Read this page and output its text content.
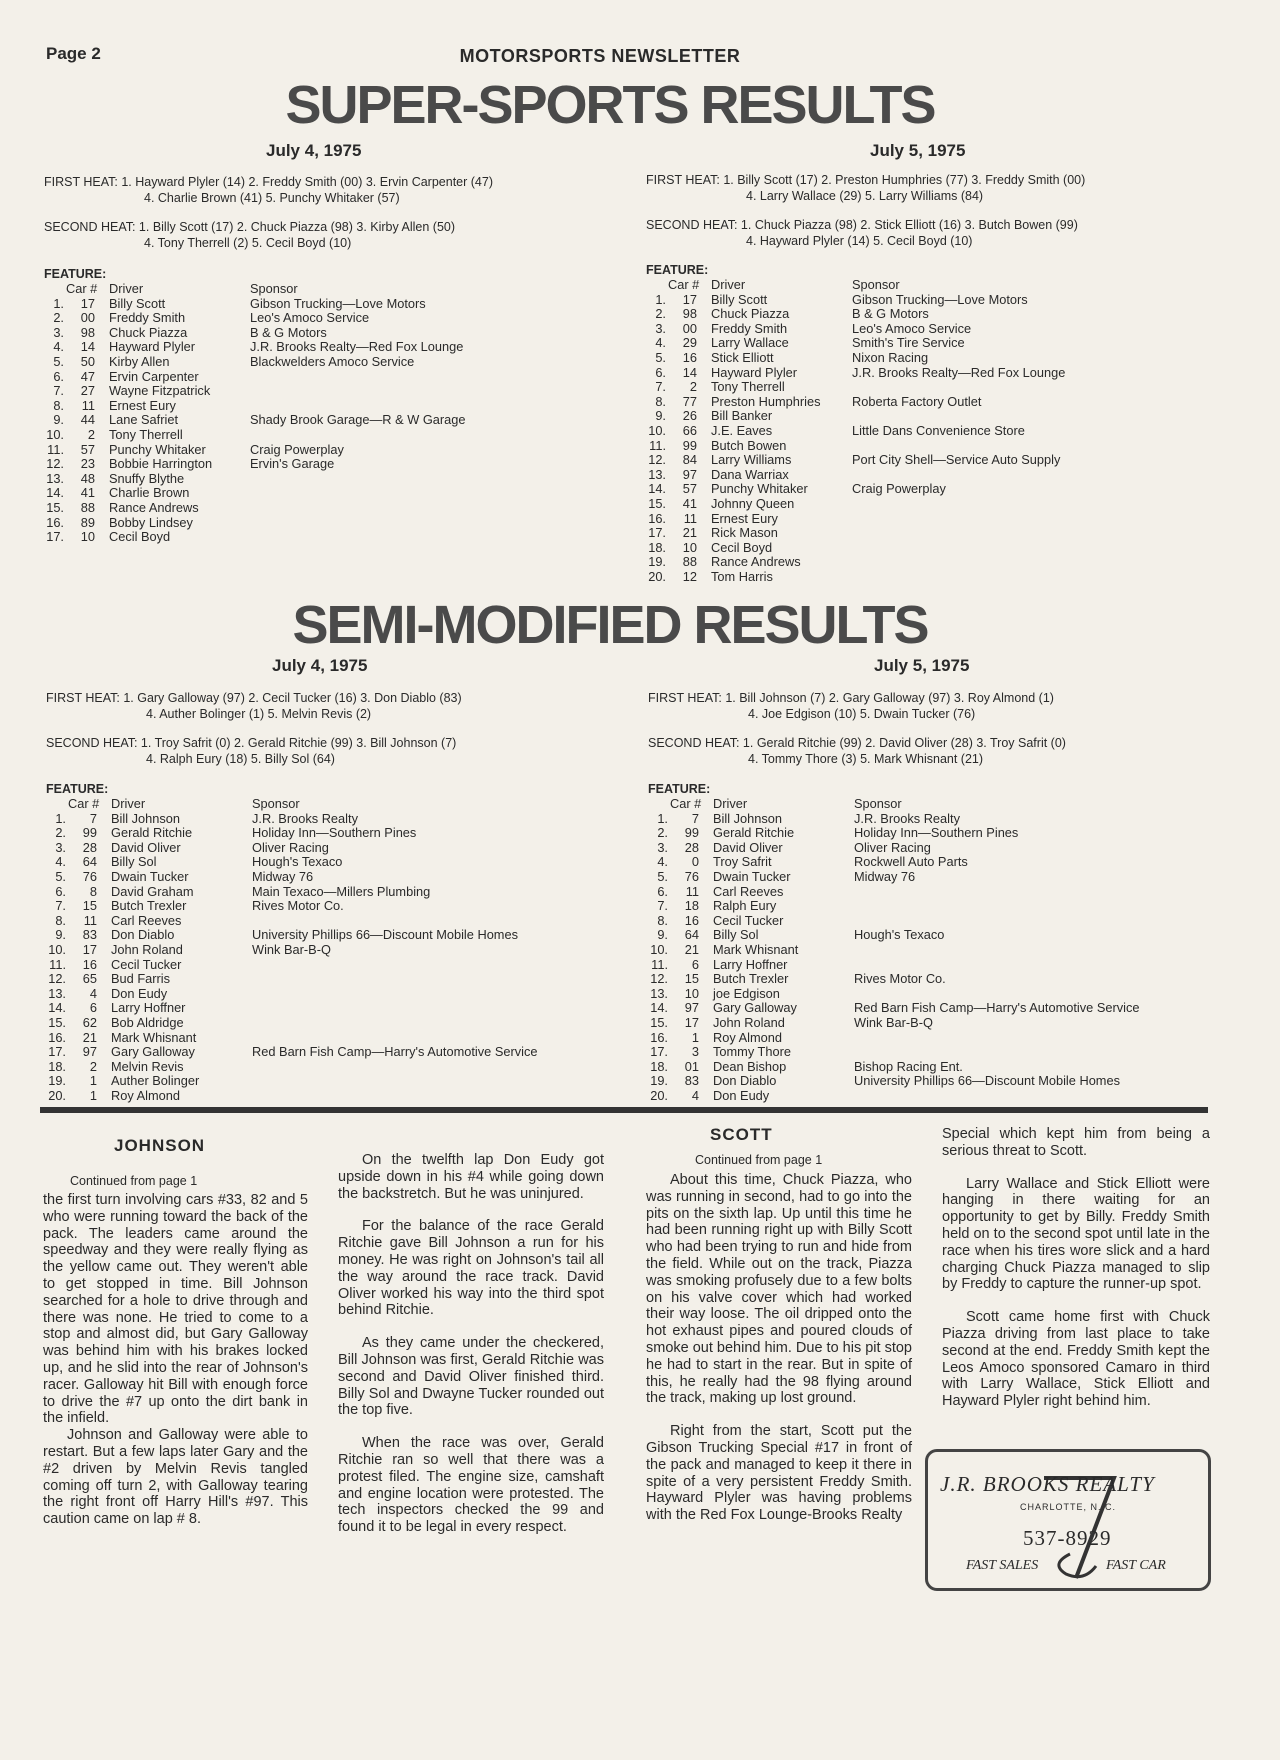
Page 2	MOTORSPORTS NEWSLETTER
SUPER-SPORTS RESULTS
July 4, 1975	July 5, 1975
FIRST HEAT: 1. Hayward Plyler (14) 2. Freddy Smith (00) 3. Ervin Carpenter (47)
4. Charlie Brown (41) 5. Punchy Whitaker (57)
SECOND HEAT: 1. Billy Scott (17) 2. Chuck Piazza (98) 3. Kirby Allen (50)
4. Tony Therrell (2) 5. Cecil Boyd (10)
FIRST HEAT: 1. Billy Scott (17) 2. Preston Humphries (77) 3. Freddy Smith (00)
4. Larry Wallace (29) 5. Larry Williams (84)
SECOND HEAT: 1. Chuck Piazza (98) 2. Stick Elliott (16) 3. Butch Bowen (99)
4. Hayward Plyler (14) 5. Cecil Boyd (10)
FEATURE:
Car #		Driver	Sponsor
1.	17	Billy Scott	Gibson Trucking—Love Motors
2.	00	Freddy Smith	Leo's Amoco Service
3.	98	Chuck Piazza	B & G Motors
4.	14	Hayward Plyler	J.R. Brooks Realty—Red Fox Lounge
5.	50	Kirby Allen	Blackwelders Amoco Service
6.	47	Ervin Carpenter	
7.	27	Wayne Fitzpatrick	
8.	11	Ernest Eury	
9.	44	Lane Safriet	Shady Brook Garage—R & W Garage
10.	2	Tony Therrell	
11.	57	Punchy Whitaker	Craig Powerplay
12.	23	Bobbie Harrington	Ervin's Garage
13.	48	Snuffy Blythe	
14.	41	Charlie Brown	
15.	88	Rance Andrews	
16.	89	Bobby Lindsey	
17.	10	Cecil Boyd	
FEATURE:
Car #		Driver	Sponsor
1.	17	Billy Scott	Gibson Trucking—Love Motors
2.	98	Chuck Piazza	B & G Motors
3.	00	Freddy Smith	Leo's Amoco Service
4.	29	Larry Wallace	Smith's Tire Service
5.	16	Stick Elliott	Nixon Racing
6.	14	Hayward Plyler	J.R. Brooks Realty—Red Fox Lounge
7.	2	Tony Therrell	
8.	77	Preston Humphries	Roberta Factory Outlet
9.	26	Bill Banker	
10.	66	J.E. Eaves	Little Dans Convenience Store
11.	99	Butch Bowen	
12.	84	Larry Williams	Port City Shell—Service Auto Supply
13.	97	Dana Warriax	
14.	57	Punchy Whitaker	Craig Powerplay
15.	41	Johnny Queen	
16.	11	Ernest Eury	
17.	21	Rick Mason	
18.	10	Cecil Boyd	
19.	88	Rance Andrews	
20.	12	Tom Harris	
SEMI-MODIFIED RESULTS
July 4, 1975	July 5, 1975
FIRST HEAT: 1. Gary Galloway (97) 2. Cecil Tucker (16) 3. Don Diablo (83)
4. Auther Bolinger (1) 5. Melvin Revis (2)
SECOND HEAT: 1. Troy Safrit (0) 2. Gerald Ritchie (99) 3. Bill Johnson (7)
4. Ralph Eury (18) 5. Billy Sol (64)
FIRST HEAT: 1. Bill Johnson (7) 2. Gary Galloway (97) 3. Roy Almond (1)
4. Joe Edgison (10) 5. Dwain Tucker (76)
SECOND HEAT: 1. Gerald Ritchie (99) 2. David Oliver (28) 3. Troy Safrit (0)
4. Tommy Thore (3) 5. Mark Whisnant (21)
FEATURE:
Car #		Driver	Sponsor
1.	7	Bill Johnson	J.R. Brooks Realty
2.	99	Gerald Ritchie	Holiday Inn—Southern Pines
3.	28	David Oliver	Oliver Racing
4.	64	Billy Sol	Hough's Texaco
5.	76	Dwain Tucker	Midway 76
6.	8	David Graham	Main Texaco—Millers Plumbing
7.	15	Butch Trexler	Rives Motor Co.
8.	11	Carl Reeves	
9.	83	Don Diablo	University Phillips 66—Discount Mobile Homes
10.	17	John Roland	Wink Bar-B-Q
11.	16	Cecil Tucker	
12.	65	Bud Farris	
13.	4	Don Eudy	
14.	6	Larry Hoffner	
15.	62	Bob Aldridge	
16.	21	Mark Whisnant	
17.	97	Gary Galloway	Red Barn Fish Camp—Harry's Automotive Service
18.	2	Melvin Revis	
19.	1	Auther Bolinger	
20.	1	Roy Almond	
FEATURE:
Car #		Driver	Sponsor
1.	7	Bill Johnson	J.R. Brooks Realty
2.	99	Gerald Ritchie	Holiday Inn—Southern Pines
3.	28	David Oliver	Oliver Racing
4.	0	Troy Safrit	Rockwell Auto Parts
5.	76	Dwain Tucker	Midway 76
6.	11	Carl Reeves	
7.	18	Ralph Eury	
8.	16	Cecil Tucker	
9.	64	Billy Sol	Hough's Texaco
10.	21	Mark Whisnant	
11.	6	Larry Hoffner	
12.	15	Butch Trexler	Rives Motor Co.
13.	10	joe Edgison	
14.	97	Gary Galloway	Red Barn Fish Camp—Harry's Automotive Service
15.	17	John Roland	Wink Bar-B-Q
16.	1	Roy Almond	
17.	3	Tommy Thore	
18.	01	Dean Bishop	Bishop Racing Ent.
19.	83	Don Diablo	University Phillips 66—Discount Mobile Homes
20.	4	Don Eudy	
JOHNSON
Continued from page 1

the first turn involving cars #33, 82 and 5 who were running toward the back of the pack. The leaders came around the speedway and they were really flying as the yellow came out. They weren't able to get stopped in time. Bill Johnson searched for a hole to drive through and there was none. He tried to come to a stop and almost did, but Gary Galloway was behind him with his brakes locked up, and he slid into the rear of Johnson's racer. Galloway hit Bill with enough force to drive the #7 up onto the dirt bank in the infield.

Johnson and Galloway were able to restart. But a few laps later Gary and the #2 driven by Melvin Revis tangled coming off turn 2, with Galloway tearing the right front off Harry Hill's #97. This caution came on lap # 8.

On the twelfth lap Don Eudy got upside down in his #4 while going down the backstretch. But he was uninjured.

For the balance of the race Gerald Ritchie gave Bill Johnson a run for his money. He was right on Johnson's tail all the way around the race track. David Oliver worked his way into the third spot behind Ritchie.

As they came under the checkered, Bill Johnson was first, Gerald Ritchie was second and David Oliver finished third. Billy Sol and Dwayne Tucker rounded out the top five.

When the race was over, Gerald Ritchie ran so well that there was a protest filed. The engine size, camshaft and engine location were protested. The tech inspectors checked the 99 and found it to be legal in every respect.

SCOTT
Continued from page 1

About this time, Chuck Piazza, who was running in second, had to go into the pits on the sixth lap. Up until this time he had been running right up with Billy Scott who had been trying to run and hide from the field. While out on the track, Piazza was smoking profusely due to a few bolts on his valve cover which had worked their way loose. The oil dripped onto the hot exhaust pipes and poured clouds of smoke out behind him. Due to his pit stop he had to start in the rear. But in spite of this, he really had the 98 flying around the track, making up lost ground.

Right from the start, Scott put the Gibson Trucking Special #17 in front of the pack and managed to keep it there in spite of a very persistent Freddy Smith. Hayward Plyler was having problems with the Red Fox Lounge-Brooks Realty

Special which kept him from being a serious threat to Scott.

Larry Wallace and Stick Elliott were hanging in there waiting for an opportunity to get by Billy. Freddy Smith held on to the second spot until late in the race when his tires wore slick and a hard charging Chuck Piazza managed to slip by Freddy to capture the runner-up spot.

Scott came home first with Chuck Piazza driving from last place to take second at the end. Freddy Smith kept the Leos Amoco sponsored Camaro in third with Larry Wallace, Stick Elliott and Hayward Plyler right behind him.

J.R. BROOKS REALTY
CHARLOTTE, N. C.
537-8929
FAST SALES	FAST CAR
